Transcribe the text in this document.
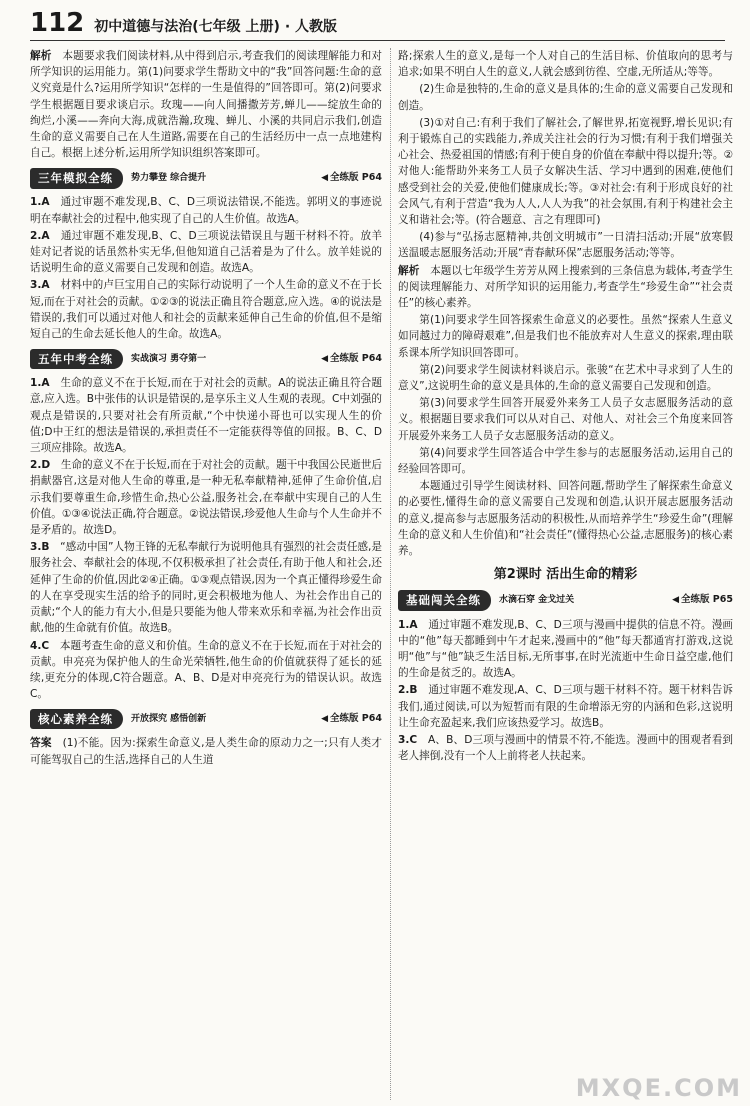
112 初中道德与法治(七年级 上册) · 人教版

解析　 本题要求我们阅读材料,从中得到启示,考查我们的阅读理解能力和对所学知识的运用能力。第(1)问要求学生帮助文中的“我”回答问题:生命的意义究竟是什么?运用所学知识“怎样的一生是值得的”回答即可。第(2)问要求学生根据题目要求谈启示。玫瑰——向人间播撒芳芳,蝉儿——绽放生命的绚烂,小溪——奔向大海,成就浩瀚,玫瑰、蝉儿、小溪的共同启示我们,创造生命的意义需要自己在人生道路,需要在自己的生活经历中一点一点地建构自己。根据上述分析,运用所学知识组织答案即可。

三年模拟全练	势力攀登 综合提升	◀ 全练版 P64

1.A　 通过审题不难发现,B、C、D三项说法错误,不能选。郭明义的事迹说明在奉献社会的过程中,他实现了自己的人生价值。故选A。

2.A　 通过审题不难发现,B、C、D三项说法错误且与题干材料不符。放羊娃对记者说的话虽然朴实无华,但他知道自己活着是为了什么。放羊娃说的话说明生命的意义需要自己发现和创造。故选A。

3.A　 材料中的卢巨宝用自己的实际行动说明了一个人生命的意义不在于长短,而在于对社会的贡献。①②③的说法正确且符合题意,应入选。④的说法是错误的,我们可以通过对他人和社会的贡献来延伸自己生命的价值,但不是缩短自己的生命去延长他人的生命。故选A。

五年中考全练	实战演习 勇夺第一	◀ 全练版 P64

1.A　 生命的意义不在于长短,而在于对社会的贡献。A的说法正确且符合题意,应入选。B中张伟的认识是错误的,是享乐主义人生观的表现。C中刘强的观点是错误的,只要对社会有所贡献,“个中快递小哥也可以实现人生的价值;D中王红的想法是错误的,承担责任不一定能获得等值的回报。B、C、D三项应排除。故选A。

2.D　 生命的意义不在于长短,而在于对社会的贡献。题干中我国公民逝世后捐献器官,这是对他人生命的尊重,是一种无私奉献精神,延伸了生命价值,启示我们要尊重生命,珍惜生命,热心公益,服务社会,在奉献中实现自己的人生价值。①③④说法正确,符合题意。②说法错误,珍爱他人生命与个人生命并不是矛盾的。故选D。

3.B　 “感动中国”人物王锋的无私奉献行为说明他具有强烈的社会责任感,是服务社会、奉献社会的体现,不仅积极承担了社会责任,有助于他人和社会,还延伸了生命的价值,因此②④正确。①③观点错误,因为一个真正懂得珍爱生命的人在享受现实生活的给予的同时,更会积极地为他人、为社会作出自己的贡献;“个人的能力有大小,但是只要能为他人带来欢乐和幸福,为社会作出贡献,他的生命就有价值。故选B。

4.C　 本题考查生命的意义和价值。生命的意义不在于长短,而在于对社会的贡献。申亮亮为保护他人的生命光荣牺牲,他生命的价值就获得了延长的延续,更充分的体现,C符合题意。A、B、D是对申亮亮行为的错误认识。故选C。

核心素养全练	开放探究 感悟创新	◀ 全练版 P64

答案　 (1)不能。因为:探索生命意义,是人类生命的原动力之一;只有人类才可能驾驭自己的生活,选择自己的人生道

路;探索人生的意义,是每一个人对自己的生活目标、价值取向的思考与追求;如果不明白人生的意义,人就会感到彷徨、空虚,无所适从;等等。

(2)生命是独特的,生命的意义是具体的;生命的意义需要自己发现和创造。

(3)①对自己:有利于我们了解社会,了解世界,拓宽视野,增长见识;有利于锻炼自己的实践能力,养成关注社会的行为习惯;有利于我们增强关心社会、热爱祖国的情感;有利于使自身的价值在奉献中得以提升;等。②对他人:能帮助外来务工人员子女解决生活、学习中遇到的困难,使他们感受到社会的关爱,使他们健康成长;等。③对社会:有利于形成良好的社会风气,有利于营造“我为人人,人人为我”的社会氛围,有利于构建社会主义和谐社会;等。(符合题意、言之有理即可)

(4)参与“弘扬志愿精神,共创文明城市”一日清扫活动;开展“放寒假送温暖志愿服务活动;开展“青春献环保”志愿服务活动;等等。

解析　 本题以七年级学生芳芳从网上搜索到的三条信息为载体,考查学生的阅读理解能力、对所学知识的运用能力,考查学生“珍爱生命”“社会责任”的核心素养。

第(1)问要求学生回答探索生命意义的必要性。虽然“探索人生意义如同越过力的障碍艰难”,但是我们也不能放弃对人生意义的探索,理由联系课本所学知识回答即可。

第(2)问要求学生阅读材料谈启示。张骏“在艺术中寻求到了人生的意义”,这说明生命的意义是具体的,生命的意义需要自己发现和创造。

第(3)问要求学生回答开展爱外来务工人员子女志愿服务活动的意义。根据题目要求我们可以从对自己、对他人、对社会三个角度来回答开展爱外来务工人员子女志愿服务活动的意义。

第(4)问要求学生回答适合中学生参与的志愿服务活动,运用自己的经验回答即可。

本题通过引导学生阅读材料、回答问题,帮助学生了解探索生命意义的必要性,懂得生命的意义需要自己发现和创造,认识开展志愿服务活动的意义,提高参与志愿服务活动的积极性,从而培养学生“珍爱生命”(理解生命的意义和人生价值)和“社会责任”(懂得热心公益,志愿服务)的核心素养。

第2课时 活出生命的精彩
基础闯关全练	水滴石穿 金戈过关	◀ 全练版 P65

1.A　 通过审题不难发现,B、C、D三项与漫画中提供的信息不符。漫画中的“他”每天都睡到中午才起来,漫画中的“他”每天都通宵打游戏,这说明“他”与“他”缺乏生活目标,无所事事,在时光流逝中生命日益空虚,他们的生命是贫乏的。故选A。

2.B　 通过审题不难发现,A、C、D三项与题干材料不符。题干材料告诉我们,通过阅读,可以为短暂而有限的生命增添无穷的内涵和色彩,这说明让生命充盈起来,我们应该热爱学习。故选B。

3.C　 A、B、D三项与漫画中的情景不符,不能选。漫画中的围观者看到老人摔倒,没有一个人上前将老人扶起来。

MXQE.COM
